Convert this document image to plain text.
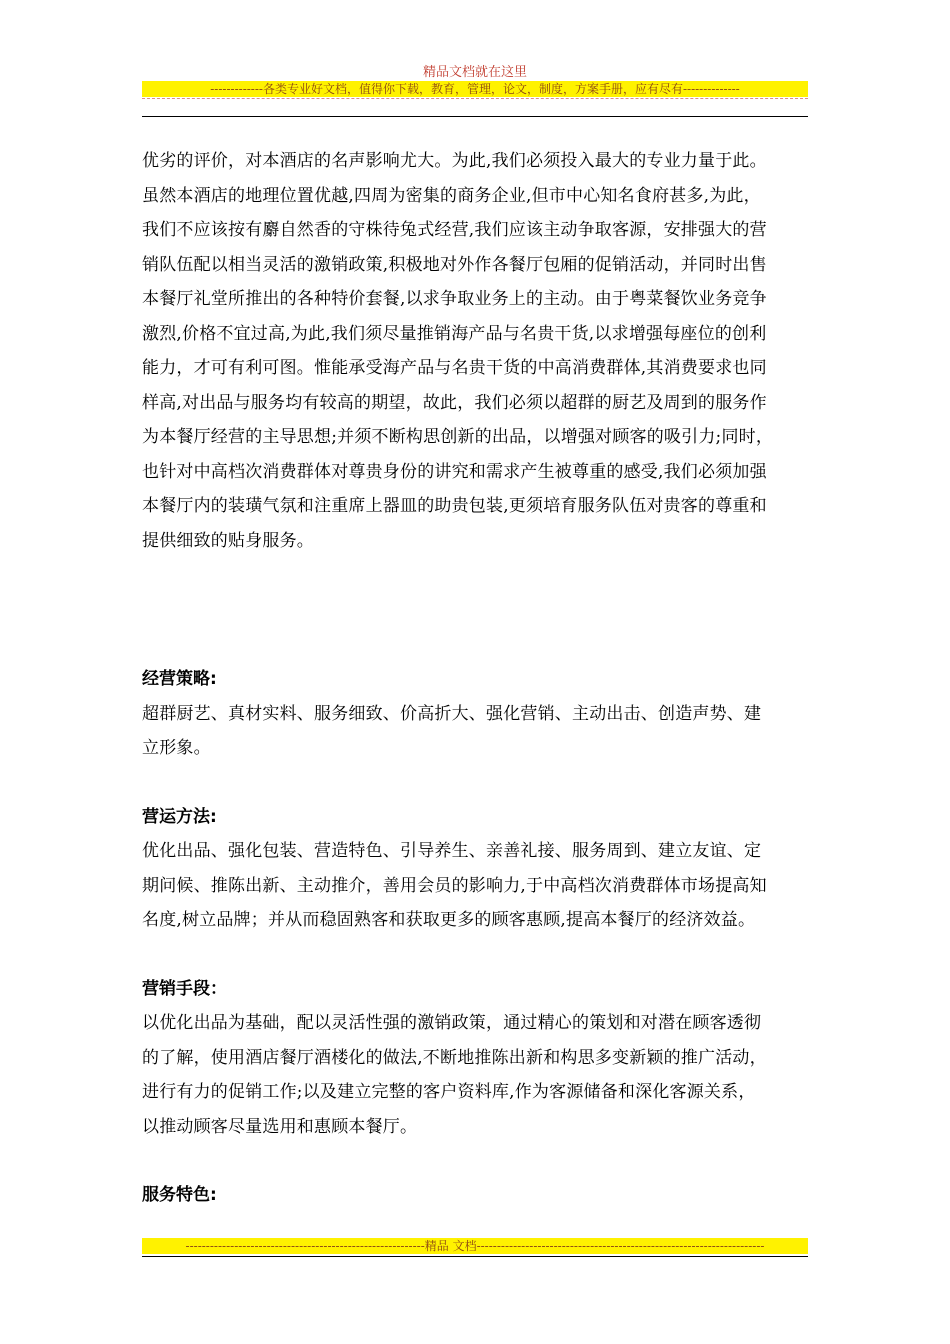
精品文档就在这里
-------------各类专业好文档，值得你下载，教育，管理，论文，制度，方案手册，应有尽有--------------

优劣的评价，对本酒店的名声影响尤大。为此,我们必须投入最大的专业力量于此。
虽然本酒店的地理位置优越,四周为密集的商务企业,但市中心知名食府甚多,为此，
我们不应该按有麝自然香的守株待兔式经营,我们应该主动争取客源，安排强大的营
销队伍配以相当灵活的激销政策,积极地对外作各餐厅包厢的促销活动，并同时出售
本餐厅礼堂所推出的各种特价套餐,以求争取业务上的主动。由于粤菜餐饮业务竞争
激烈,价格不宜过高,为此,我们须尽量推销海产品与名贵干货,以求增强每座位的创利
能力，才可有利可图。惟能承受海产品与名贵干货的中高消费群体,其消费要求也同
样高,对出品与服务均有较高的期望，故此，我们必须以超群的厨艺及周到的服务作
为本餐厅经营的主导思想;并须不断构思创新的出品，以增强对顾客的吸引力;同时，
也针对中高档次消费群体对尊贵身份的讲究和需求产生被尊重的感受,我们必须加强
本餐厅内的装璜气氛和注重席上器皿的助贵包装,更须培育服务队伍对贵客的尊重和
提供细致的贴身服务。

经营策略:

超群厨艺、真材实料、服务细致、价高折大、强化营销、主动出击、创造声势、建
立形象。

营运方法:

优化出品、强化包装、营造特色、引导养生、亲善礼接、服务周到、建立友谊、定
期问候、推陈出新、主动推介，善用会员的影响力,于中高档次消费群体市场提高知
名度,树立品牌；并从而稳固熟客和获取更多的顾客惠顾,提高本餐厅的经济效益。

营销手段：

以优化出品为基础，配以灵活性强的激销政策，通过精心的策划和对潜在顾客透彻
的了解，使用酒店餐厅酒楼化的做法,不断地推陈出新和构思多变新颖的推广活动，
进行有力的促销工作;以及建立完整的客户资料库,作为客源储备和深化客源关系，
以推动顾客尽量选用和惠顾本餐厅。

服务特色:

-----------------------------------------------------------精品 文档-----------------------------------------------------------------------
